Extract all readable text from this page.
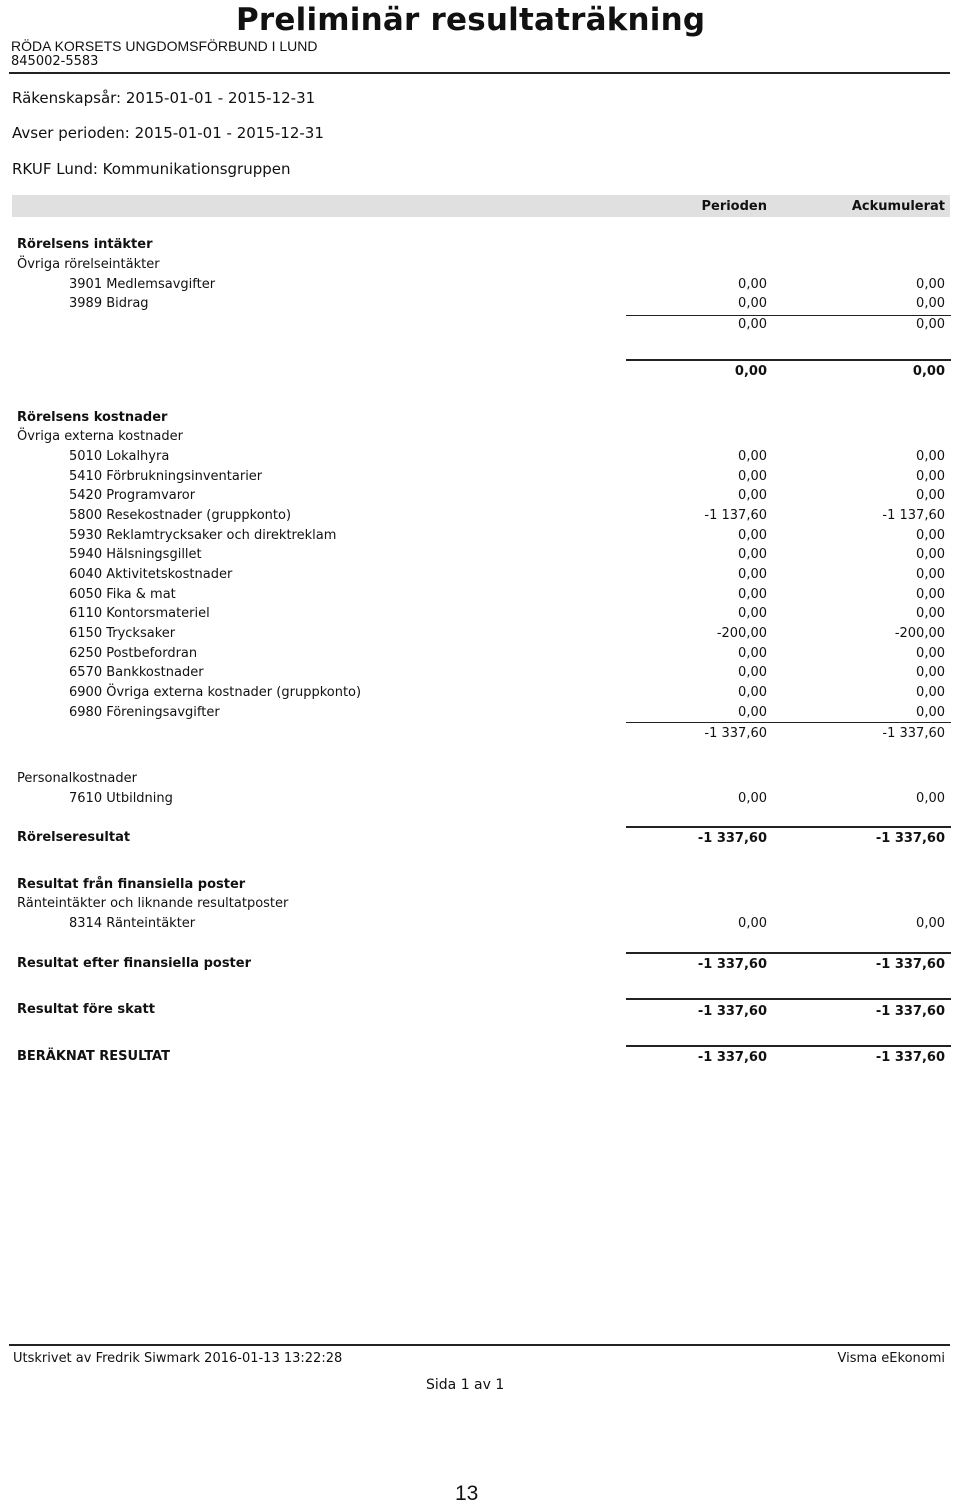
Preliminär resultaträkning
RÖDA KORSETS UNGDOMSFÖRBUND I LUND
845002-5583
Räkenskapsår: 2015-01-01 - 2015-12-31
Avser perioden: 2015-01-01 - 2015-12-31
RKUF Lund: Kommunikationsgruppen
Perioden	Ackumulerat
Rörelsens intäkter
Övriga rörelseintäkter
3901 Medlemsavgifter	0,00	0,00
3989 Bidrag	0,00	0,00
0,00	0,00
0,00	0,00
Rörelsens kostnader
Övriga externa kostnader
5010 Lokalhyra	0,00	0,00
5410 Förbrukningsinventarier	0,00	0,00
5420 Programvaror	0,00	0,00
5800 Resekostnader (gruppkonto)	-1 137,60	-1 137,60
5930 Reklamtrycksaker och direktreklam	0,00	0,00
5940 Hälsningsgillet	0,00	0,00
6040 Aktivitetskostnader	0,00	0,00
6050 Fika & mat	0,00	0,00
6110 Kontorsmateriel	0,00	0,00
6150 Trycksaker	-200,00	-200,00
6250 Postbefordran	0,00	0,00
6570 Bankkostnader	0,00	0,00
6900 Övriga externa kostnader (gruppkonto)	0,00	0,00
6980 Föreningsavgifter	0,00	0,00
-1 337,60	-1 337,60
Personalkostnader
7610 Utbildning	0,00	0,00
Rörelseresultat	-1 337,60	-1 337,60
Resultat från finansiella poster
Ränteintäkter och liknande resultatposter
8314 Ränteintäkter	0,00	0,00
Resultat efter finansiella poster	-1 337,60	-1 337,60
Resultat före skatt	-1 337,60	-1 337,60
BERÄKNAT RESULTAT	-1 337,60	-1 337,60
Utskrivet av Fredrik Siwmark 2016-01-13 13:22:28	Visma eEkonomi
Sida 1 av 1
13
